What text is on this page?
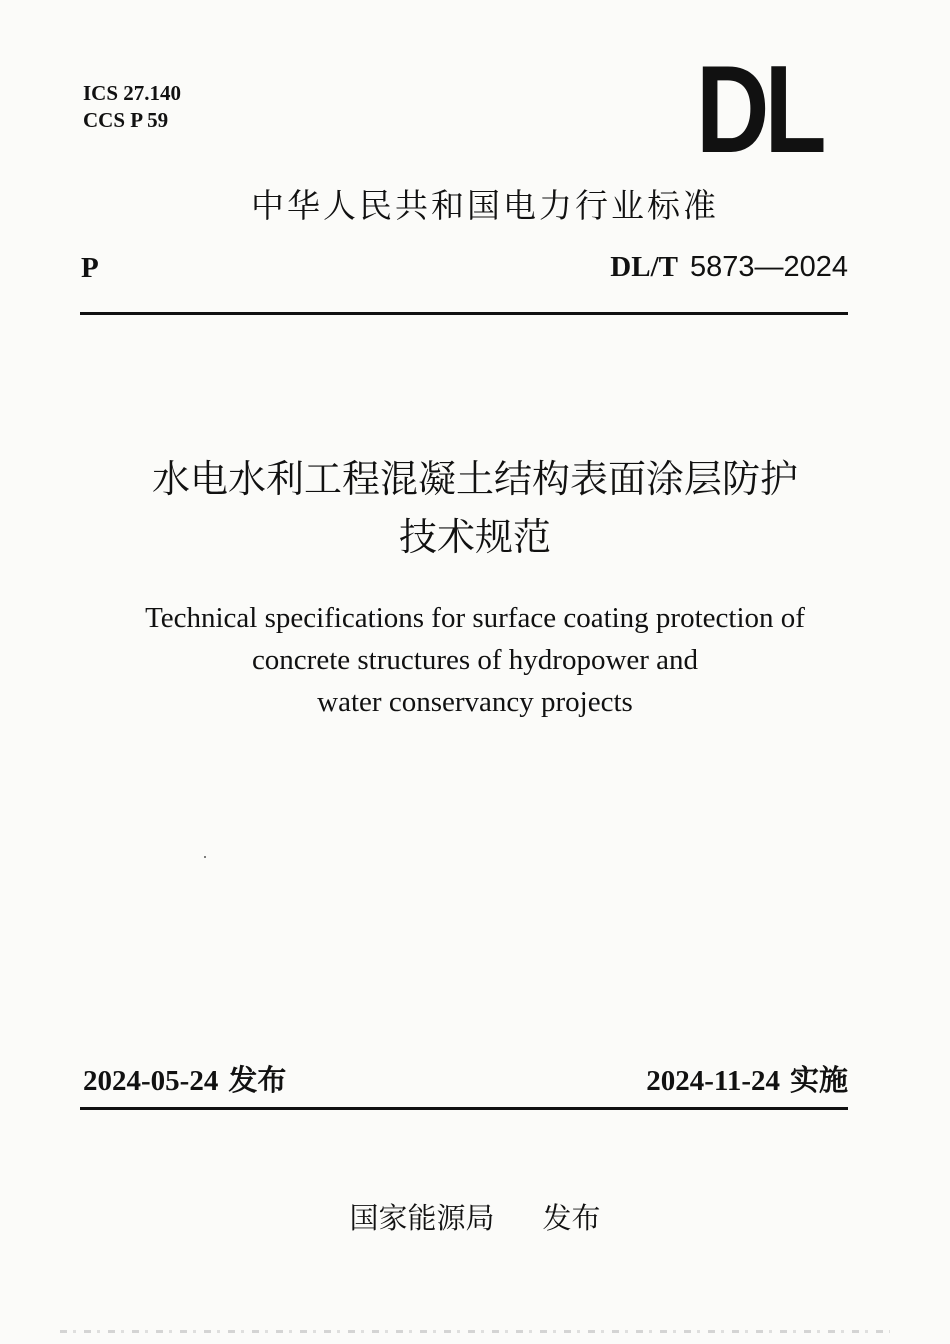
ICS 27.140
CCS P 59	DL
中华人民共和国电力行业标准
P	DL/T 5873—2024
水电水利工程混凝土结构表面涂层防护
技术规范
Technical specifications for surface coating protection of
concrete structures of hydropower and
water conservancy projects
2024-05-24 发布	2024-11-24 实施
国家能源局 发布
